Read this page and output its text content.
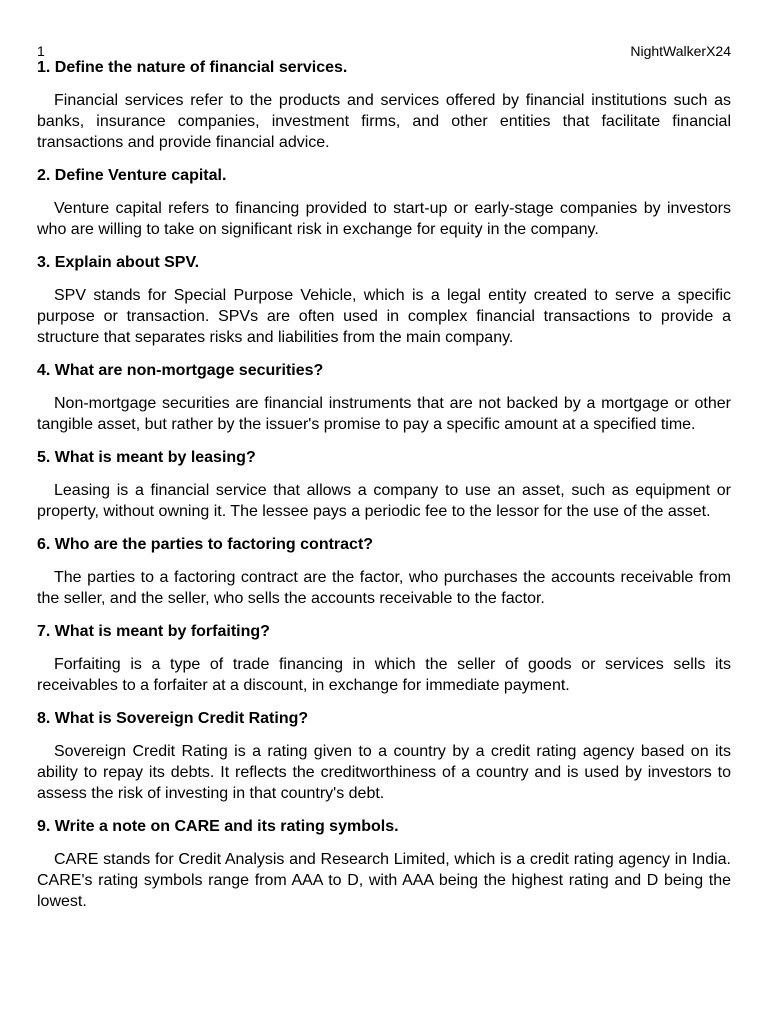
1	NightWalkerX24

1. Define the nature of financial services.

Financial services refer to the products and services offered by financial institutions such as banks, insurance companies, investment firms, and other entities that facilitate financial transactions and provide financial advice.

2. Define Venture capital.

Venture capital refers to financing provided to start-up or early-stage companies by investors who are willing to take on significant risk in exchange for equity in the company.

3. Explain about SPV.

SPV stands for Special Purpose Vehicle, which is a legal entity created to serve a specific purpose or transaction. SPVs are often used in complex financial transactions to provide a structure that separates risks and liabilities from the main company.

4. What are non-mortgage securities?

Non-mortgage securities are financial instruments that are not backed by a mortgage or other tangible asset, but rather by the issuer's promise to pay a specific amount at a specified time.

5. What is meant by leasing?

Leasing is a financial service that allows a company to use an asset, such as equipment or property, without owning it. The lessee pays a periodic fee to the lessor for the use of the asset.

6. Who are the parties to factoring contract?

The parties to a factoring contract are the factor, who purchases the accounts receivable from the seller, and the seller, who sells the accounts receivable to the factor.

7. What is meant by forfaiting?

Forfaiting is a type of trade financing in which the seller of goods or services sells its receivables to a forfaiter at a discount, in exchange for immediate payment.

8. What is Sovereign Credit Rating?

Sovereign Credit Rating is a rating given to a country by a credit rating agency based on its ability to repay its debts. It reflects the creditworthiness of a country and is used by investors to assess the risk of investing in that country's debt.

9. Write a note on CARE and its rating symbols.

CARE stands for Credit Analysis and Research Limited, which is a credit rating agency in India. CARE's rating symbols range from AAA to D, with AAA being the highest rating and D being the lowest.
